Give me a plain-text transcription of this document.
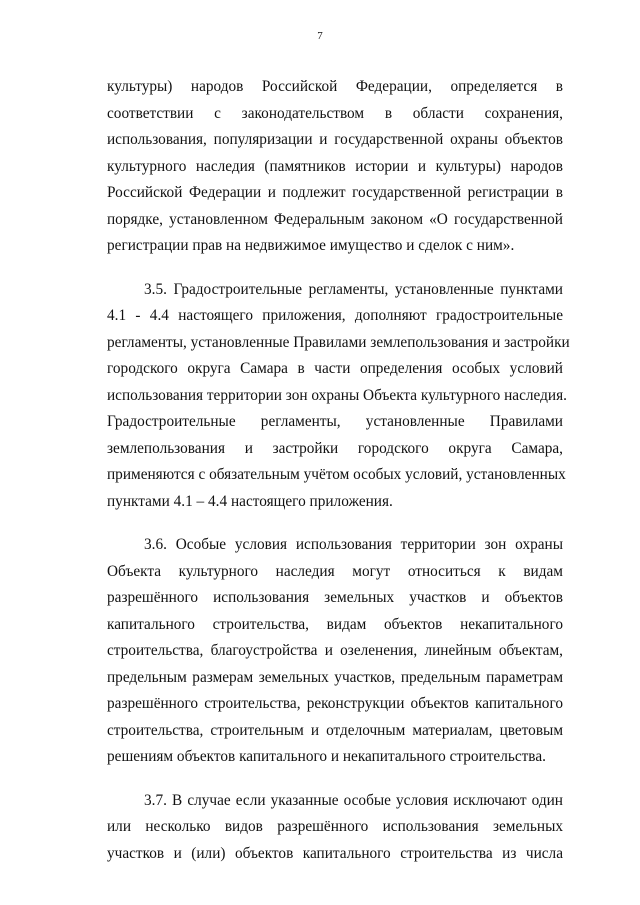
7

культуры) народов Российской Федерации, определяется в
соответствии с законодательством в области сохранения,
использования, популяризации и государственной охраны объектов
культурного наследия (памятников истории и культуры) народов
Российской Федерации и подлежит государственной регистрации в
порядке, установленном Федеральным законом «О государственной
регистрации прав на недвижимое имущество и сделок с ним».

3.5. Градостроительные регламенты, установленные пунктами
4.1 - 4.4 настоящего приложения, дополняют градостроительные
регламенты, установленные Правилами землепользования и застройки
городского округа Самара в части определения особых условий
использования территории зон охраны Объекта культурного наследия.
Градостроительные регламенты, установленные Правилами
землепользования и застройки городского округа Самара,
применяются с обязательным учётом особых условий, установленных
пунктами 4.1 – 4.4 настоящего приложения.

3.6. Особые условия использования территории зон охраны
Объекта культурного наследия могут относиться к видам
разрешённого использования земельных участков и объектов
капитального строительства, видам объектов некапитального
строительства, благоустройства и озеленения, линейным объектам,
предельным размерам земельных участков, предельным параметрам
разрешённого строительства, реконструкции объектов капитального
строительства, строительным и отделочным материалам, цветовым
решениям объектов капитального и некапитального строительства.

3.7. В случае если указанные особые условия исключают один
или несколько видов разрешённого использования земельных
участков и (или) объектов капитального строительства из числа
